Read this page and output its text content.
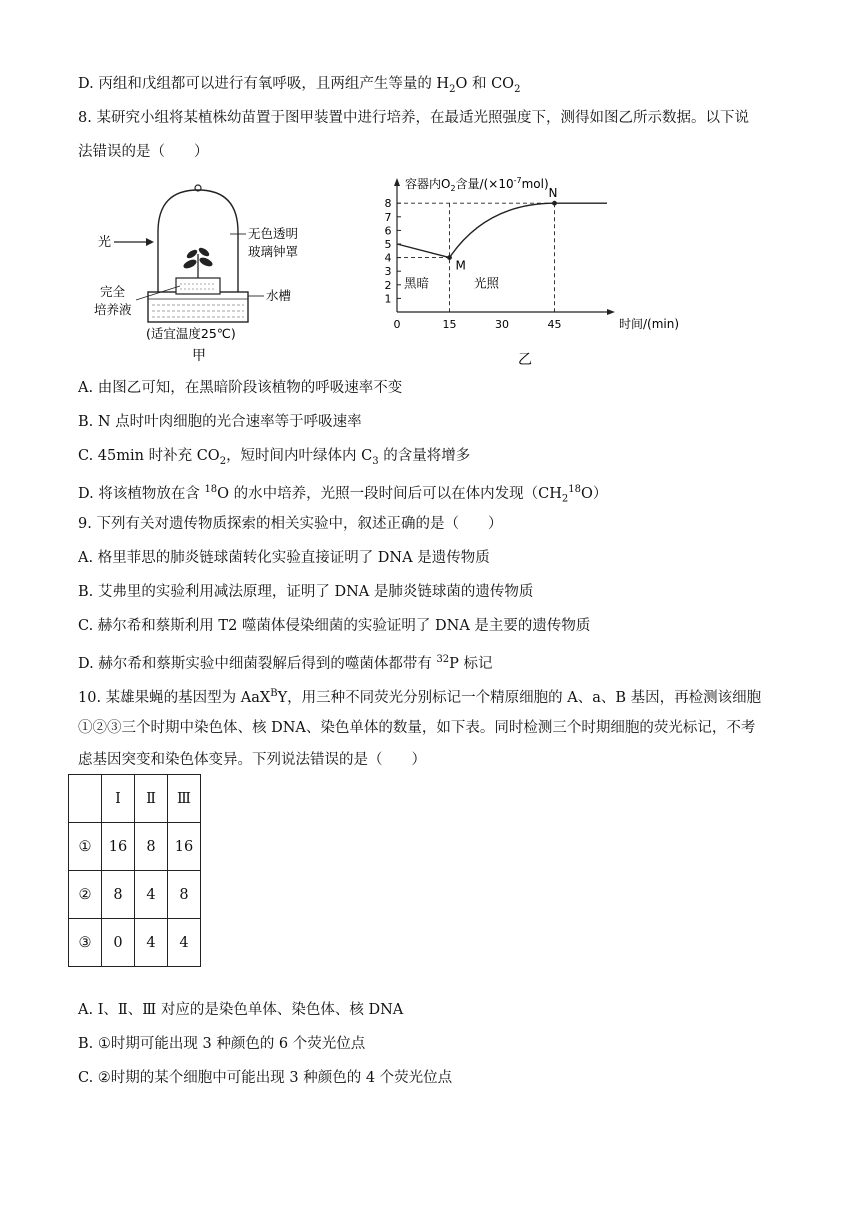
D. 丙组和戊组都可以进行有氧呼吸，且两组产生等量的 $H_2O$ 和 $CO_2$
8. 某研究小组将某植株幼苗置于图甲装置中进行培养，在最适光照强度下，测得如图乙所示数据。以下说
法错误的是（　　）
光
无色透明
玻璃钟罩
水槽
完全
培养液
(适宜温度25℃)
甲
容器内$O_2$含量$/(\times 10^{-7}mol)$
1
2
3
4
5
6
7
8
0	15	30	45
M
N
黑暗	光照
时间/(min)
乙
A. 由图乙可知，在黑暗阶段该植物的呼吸速率不变
B. N 点时叶肉细胞的光合速率等于呼吸速率
C. 45min 时补充 $CO_2$，短时间内叶绿体内 $C_3$ 的含量将增多
D. 将该植物放在含 $^{18}$O 的水中培养，光照一段时间后可以在体内发现$(CH_2^{18}O)$
9. 下列有关对遗传物质探索的相关实验中，叙述正确的是（　　）
A. 格里菲思的肺炎链球菌转化实验直接证明了 DNA 是遗传物质
B. 艾弗里的实验利用减法原理，证明了 DNA 是肺炎链球菌的遗传物质
C. 赫尔希和蔡斯利用 T2 噬菌体侵染细菌的实验证明了 DNA 是主要的遗传物质
D. 赫尔希和蔡斯实验中细菌裂解后得到的噬菌体都带有 $^{32}$P 标记
10. 某雄果蝇的基因型为 AaX$^B$Y，用三种不同荧光分别标记一个精原细胞的 A、a、B 基因，再检测该细胞
①②③三个时期中染色体、核 DNA、染色单体的数量，如下表。同时检测三个时期细胞的荧光标记，不考
虑基因突变和染色体变异。下列说法错误的是（　　）
	Ⅰ	Ⅱ	Ⅲ
①	16	8	16
②	8	4	8
③	0	4	4
A. Ⅰ、Ⅱ、Ⅲ 对应的是染色单体、染色体、核 DNA
B. ①时期可能出现 3 种颜色的 6 个荧光位点
C. ②时期的某个细胞中可能出现 3 种颜色的 4 个荧光位点
